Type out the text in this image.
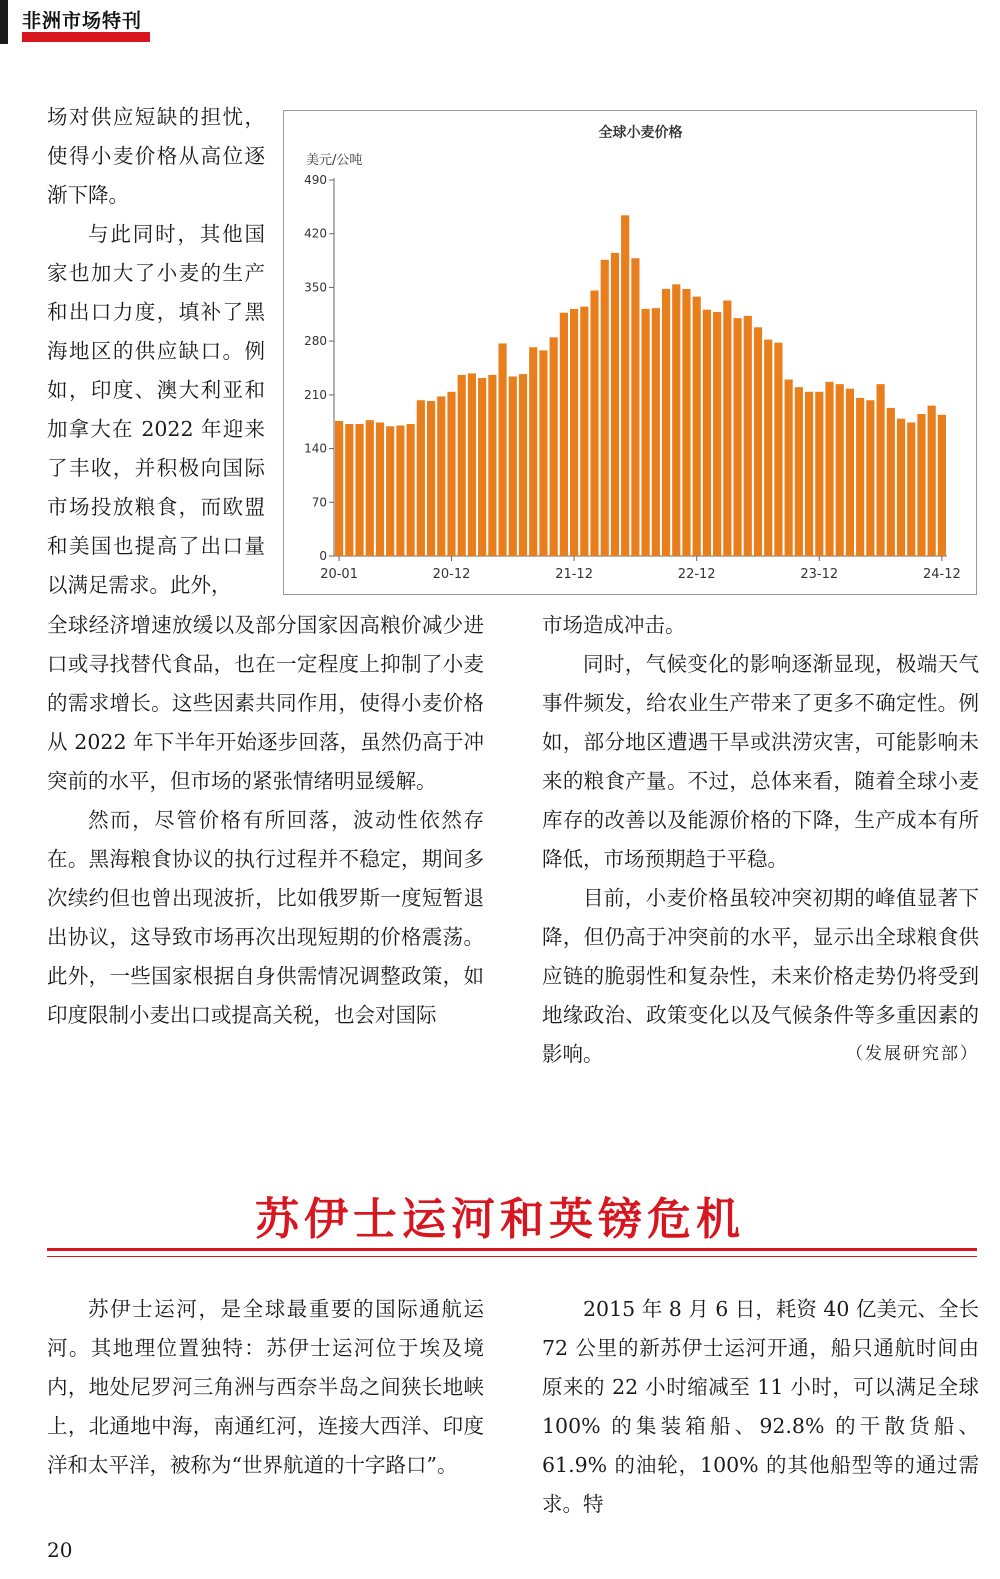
非洲市场特刊

场对供应短缺的担忧，使得小麦价格从高位逐渐下降。

与此同时，其他国家也加大了小麦的生产和出口力度，填补了黑海地区的供应缺口。例如，印度、澳大利亚和加拿大在 2022 年迎来了丰收，并积极向国际市场投放粮食，而欧盟和美国也提高了出口量以满足需求。此外，

全球小麦价格
美元/公吨
0
70
140
210
280
350
420
490
20-01	20-12	21-12	22-12	23-12	24-12

全球经济增速放缓以及部分国家因高粮价减少进口或寻找替代食品，也在一定程度上抑制了小麦的需求增长。这些因素共同作用，使得小麦价格从 2022 年下半年开始逐步回落，虽然仍高于冲突前的水平，但市场的紧张情绪明显缓解。

然而，尽管价格有所回落，波动性依然存在。黑海粮食协议的执行过程并不稳定，期间多次续约但也曾出现波折，比如俄罗斯一度短暂退出协议，这导致市场再次出现短期的价格震荡。此外，一些国家根据自身供需情况调整政策，如印度限制小麦出口或提高关税，也会对国际

市场造成冲击。

同时，气候变化的影响逐渐显现，极端天气事件频发，给农业生产带来了更多不确定性。例如，部分地区遭遇干旱或洪涝灾害，可能影响未来的粮食产量。不过，总体来看，随着全球小麦库存的改善以及能源价格的下降，生产成本有所降低，市场预期趋于平稳。

目前，小麦价格虽较冲突初期的峰值显著下降，但仍高于冲突前的水平，显示出全球粮食供应链的脆弱性和复杂性，未来价格走势仍将受到地缘政治、政策变化以及气候条件等多重因素的影响。	（发展研究部）

苏伊士运河和英镑危机

苏伊士运河，是全球最重要的国际通航运河。其地理位置独特：苏伊士运河位于埃及境内，地处尼罗河三角洲与西奈半岛之间狭长地峡上，北通地中海，南通红河，连接大西洋、印度洋和太平洋，被称为“世界航道的十字路口”。

2015 年 8 月 6 日，耗资 40 亿美元、全长 72 公里的新苏伊士运河开通，船只通航时间由原来的 22 小时缩减至 11 小时，可以满足全球 100% 的集装箱船、92.8% 的干散货船、61.9% 的油轮，100% 的其他船型等的通过需求。特

20
